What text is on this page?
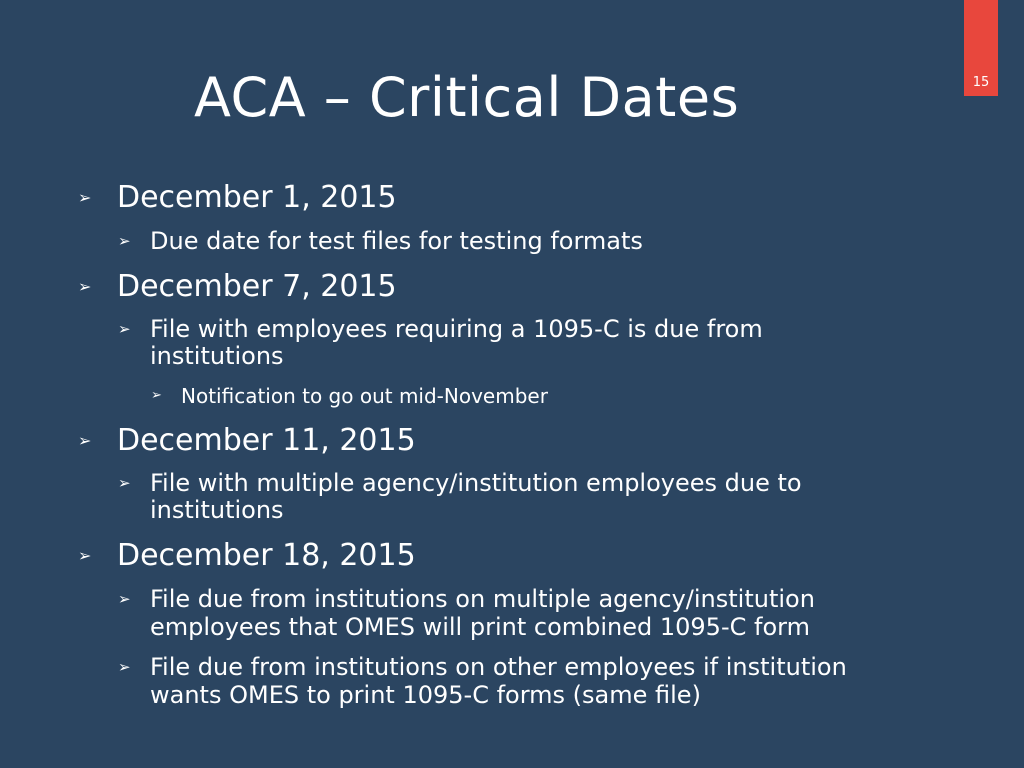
15
ACA – Critical Dates
➢ December 1, 2015
➢ Due date for test files for testing formats
➢ December 7, 2015
➢ File with employees requiring a 1095-C is due from
institutions
➢ Notification to go out mid-November
➢ December 11, 2015
➢ File with multiple agency/institution employees due to
institutions
➢ December 18, 2015
➢ File due from institutions on multiple agency/institution
employees that OMES will print combined 1095-C form
➢ File due from institutions on other employees if institution
wants OMES to print 1095-C forms (same file)
